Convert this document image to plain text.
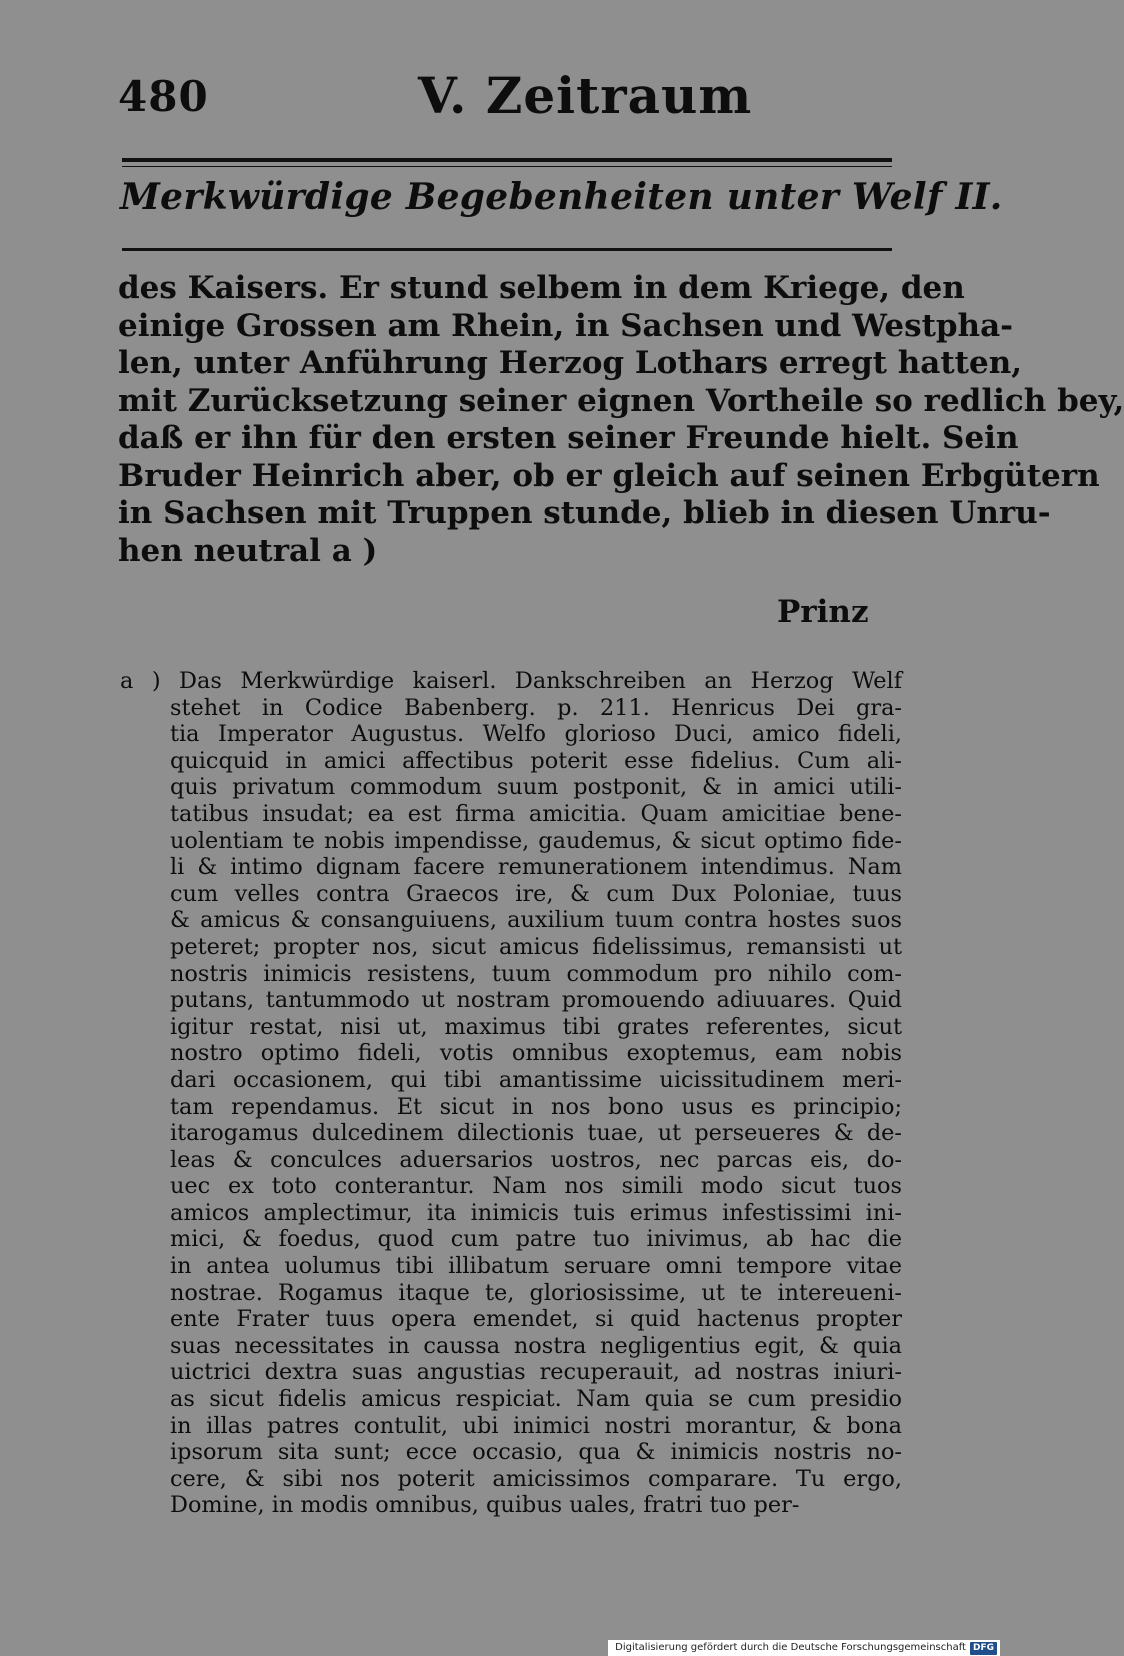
480	V. Zeitraum
Merkwürdige Begebenheiten unter Welf II.
des Kaisers. Er stund selbem in dem Kriege, den
einige Grossen am Rhein, in Sachsen und Westpha-
len, unter Anführung Herzog Lothars erregt hatten,
mit Zurücksetzung seiner eignen Vortheile so redlich bey,
daß er ihn für den ersten seiner Freunde hielt. Sein
Bruder Heinrich aber, ob er gleich auf seinen Erbgütern
in Sachsen mit Truppen stunde, blieb in diesen Unru-
hen neutral a )
Prinz
a ) Das Merkwürdige kaiserl. Dankschreiben an Herzog Welf
stehet in Codice Babenberg. p. 211. Henricus Dei gra-
tia Imperator Augustus. Welfo glorioso Duci, amico fideli,
quicquid in amici affectibus poterit esse fidelius. Cum ali-
quis privatum commodum suum postponit, & in amici utili-
tatibus insudat; ea est firma amicitia. Quam amicitiae bene-
uolentiam te nobis impendisse, gaudemus, & sicut optimo fide-
li & intimo dignam facere remunerationem intendimus. Nam
cum velles contra Graecos ire, & cum Dux Poloniae, tuus
& amicus & consanguiuens, auxilium tuum contra hostes suos
peteret; propter nos, sicut amicus fidelissimus, remansisti ut
nostris inimicis resistens, tuum commodum pro nihilo com-
putans, tantummodo ut nostram promouendo adiuuares. Quid
igitur restat, nisi ut, maximus tibi grates referentes, sicut
nostro optimo fideli, votis omnibus exoptemus, eam nobis
dari occasionem, qui tibi amantissime uicissitudinem meri-
tam rependamus. Et sicut in nos bono usus es principio;
itarogamus dulcedinem dilectionis tuae, ut perseueres & de-
leas & conculces aduersarios uostros, nec parcas eis, do-
uec ex toto conterantur. Nam nos simili modo sicut tuos
amicos amplectimur, ita inimicis tuis erimus infestissimi ini-
mici, & foedus, quod cum patre tuo inivimus, ab hac die
in antea uolumus tibi illibatum seruare omni tempore vitae
nostrae. Rogamus itaque te, gloriosissime, ut te intereueni-
ente Frater tuus opera emendet, si quid hactenus propter
suas necessitates in caussa nostra negligentius egit, & quia
uictrici dextra suas angustias recuperauit, ad nostras iniuri-
as sicut fidelis amicus respiciat. Nam quia se cum presidio
in illas patres contulit, ubi inimici nostri morantur, & bona
ipsorum sita sunt; ecce occasio, qua & inimicis nostris no-
cere, & sibi nos poterit amicissimos comparare. Tu ergo,
Domine, in modis omnibus, quibus uales, fratri tuo per-
Digitalisierung gefördert durch die Deutsche Forschungsgemeinschaft DFG
